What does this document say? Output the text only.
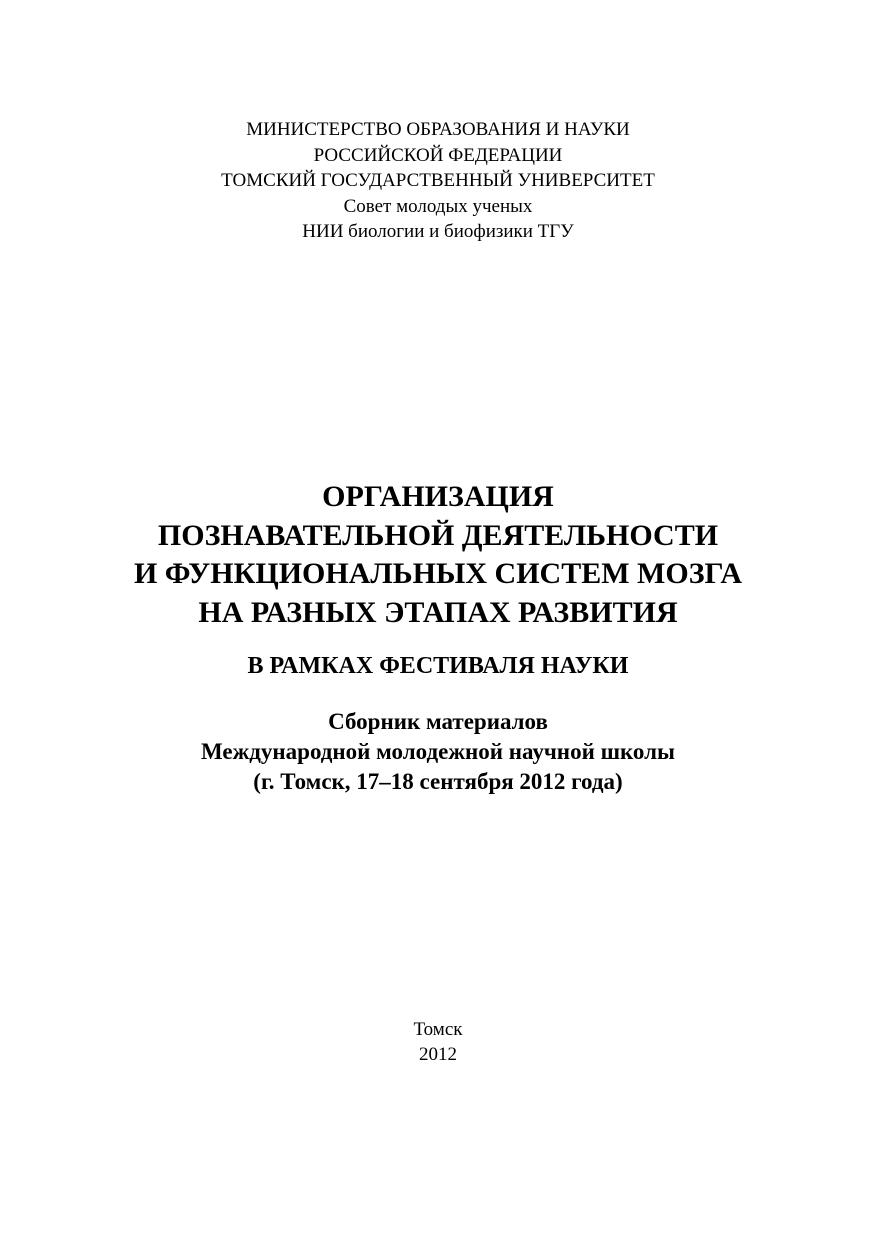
МИНИСТЕРСТВО ОБРАЗОВАНИЯ И НАУКИ
РОССИЙСКОЙ ФЕДЕРАЦИИ
ТОМСКИЙ ГОСУДАРСТВЕННЫЙ УНИВЕРСИТЕТ
Совет молодых ученых
НИИ биологии и биофизики ТГУ
ОРГАНИЗАЦИЯ
ПОЗНАВАТЕЛЬНОЙ ДЕЯТЕЛЬНОСТИ
И ФУНКЦИОНАЛЬНЫХ СИСТЕМ МОЗГА
НА РАЗНЫХ ЭТАПАХ РАЗВИТИЯ
В РАМКАХ ФЕСТИВАЛЯ НАУКИ
Сборник материалов
Международной молодежной научной школы
(г. Томск, 17–18 сентября 2012 года)
Томск
2012
